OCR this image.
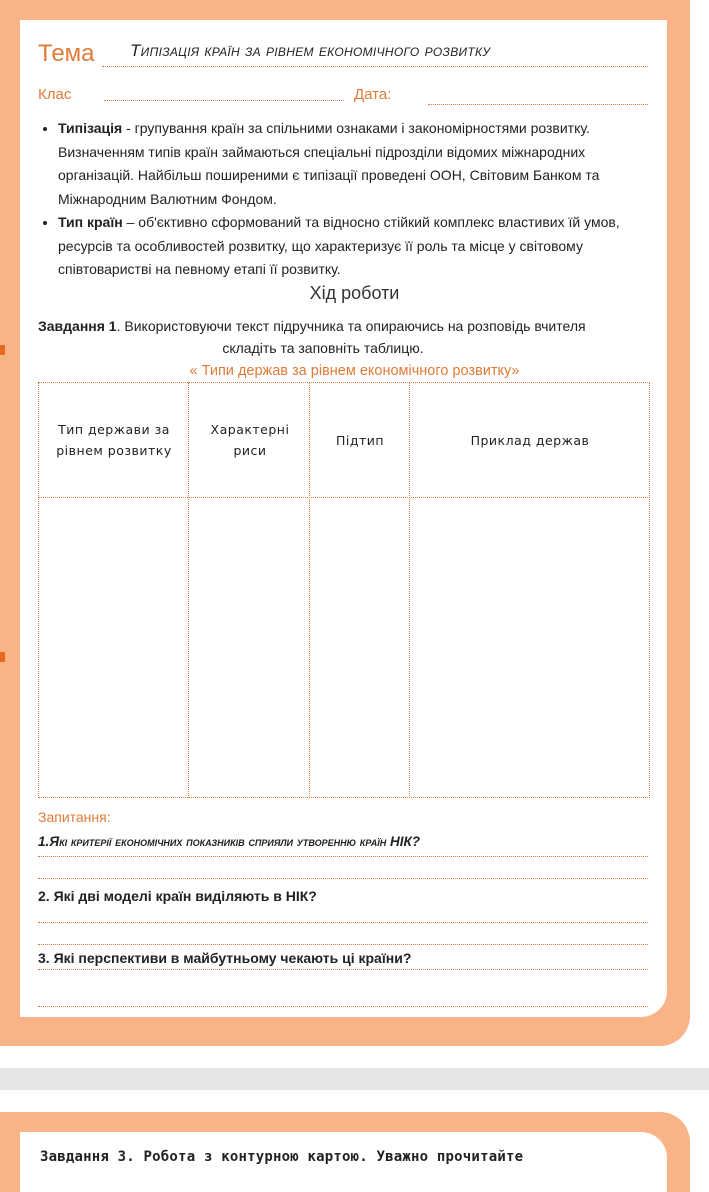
Тема Типізація країн за рівнем економічного розвитку
Клас	Дата:
• Типізація - групування країн за спільними ознаками і закономірностями розвитку. Визначенням типів країн займаються спеціальні підрозділи відомих міжнародних організацій. Найбільш поширеними є типізації проведені ООН, Світовим Банком та Міжнародним Валютним Фондом.
• Тип країн – об'єктивно сформований та відносно стійкий комплекс властивих їй умов, ресурсів та особливостей розвитку, що характеризує її роль та місце у світовому співтоваристві на певному етапі її розвитку.
Хід роботи
Завдання 1. Використовуючи текст підручника та опираючись на розповідь вчителя
складіть та заповніть таблицю.
« Типи держав за рівнем економічного розвитку»
Тип держави за рівнем розвитку
Характерні риси
Підтип	Приклад держав
Запитання:
1.Які критерії економічних показників сприяли утворенню країн НІК?
2. Які дві моделі країн виділяють в НІК?
3. Які перспективи в майбутньому чекають ці країни?
Завдання 3. Робота з контурною картою. Уважно прочитайте
